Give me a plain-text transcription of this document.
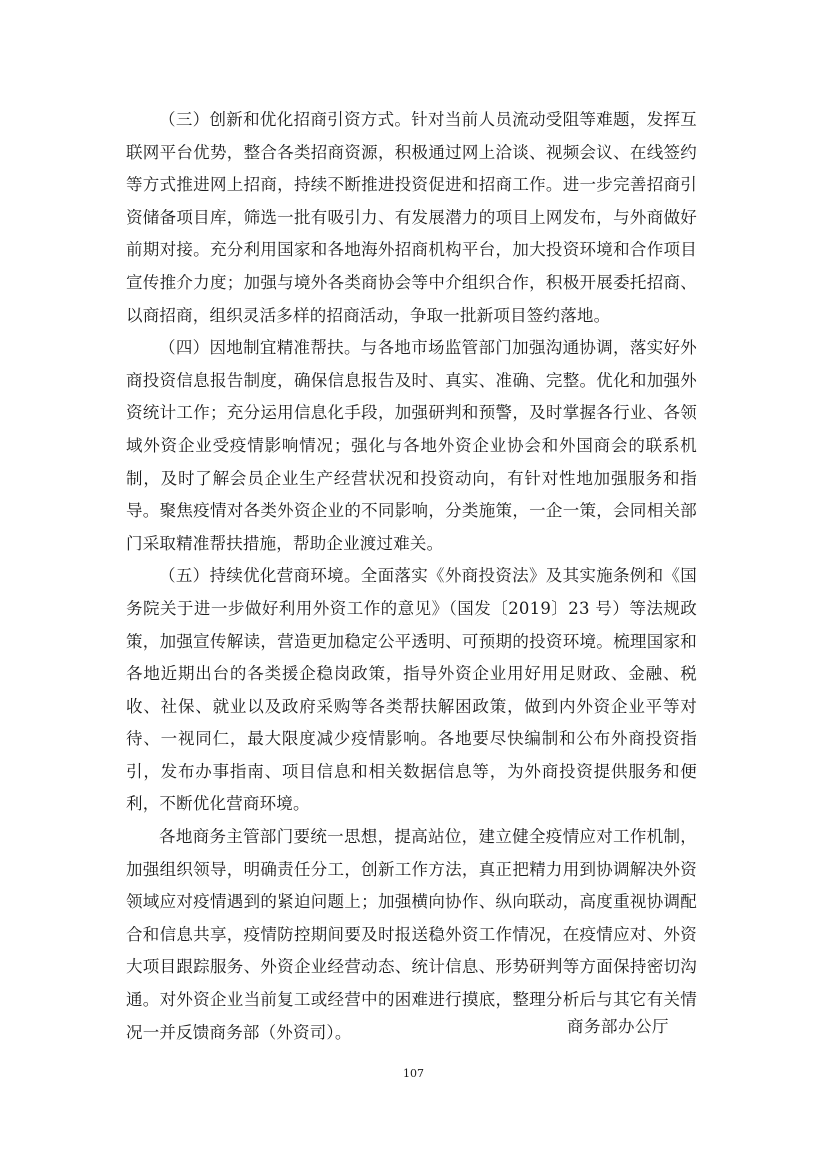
（三）创新和优化招商引资方式。针对当前人员流动受阻等难题，发挥互联网平台优势，整合各类招商资源，积极通过网上洽谈、视频会议、在线签约等方式推进网上招商，持续不断推进投资促进和招商工作。进一步完善招商引资储备项目库，筛选一批有吸引力、有发展潜力的项目上网发布，与外商做好前期对接。充分利用国家和各地海外招商机构平台，加大投资环境和合作项目宣传推介力度；加强与境外各类商协会等中介组织合作，积极开展委托招商、以商招商，组织灵活多样的招商活动，争取一批新项目签约落地。

（四）因地制宜精准帮扶。与各地市场监管部门加强沟通协调，落实好外商投资信息报告制度，确保信息报告及时、真实、准确、完整。优化和加强外资统计工作；充分运用信息化手段，加强研判和预警，及时掌握各行业、各领域外资企业受疫情影响情况；强化与各地外资企业协会和外国商会的联系机制，及时了解会员企业生产经营状况和投资动向，有针对性地加强服务和指导。聚焦疫情对各类外资企业的不同影响，分类施策，一企一策，会同相关部门采取精准帮扶措施，帮助企业渡过难关。

（五）持续优化营商环境。全面落实《外商投资法》及其实施条例和《国务院关于进一步做好利用外资工作的意见》（国发〔2019〕23 号）等法规政策，加强宣传解读，营造更加稳定公平透明、可预期的投资环境。梳理国家和各地近期出台的各类援企稳岗政策，指导外资企业用好用足财政、金融、税收、社保、就业以及政府采购等各类帮扶解困政策，做到内外资企业平等对待、一视同仁，最大限度减少疫情影响。各地要尽快编制和公布外商投资指引，发布办事指南、项目信息和相关数据信息等，为外商投资提供服务和便利，不断优化营商环境。

各地商务主管部门要统一思想，提高站位，建立健全疫情应对工作机制，加强组织领导，明确责任分工，创新工作方法，真正把精力用到协调解决外资领域应对疫情遇到的紧迫问题上；加强横向协作、纵向联动，高度重视协调配合和信息共享，疫情防控期间要及时报送稳外资工作情况，在疫情应对、外资大项目跟踪服务、外资企业经营动态、统计信息、形势研判等方面保持密切沟通。对外资企业当前复工或经营中的困难进行摸底，整理分析后与其它有关情况一并反馈商务部（外资司）。	商务部办公厅
107
